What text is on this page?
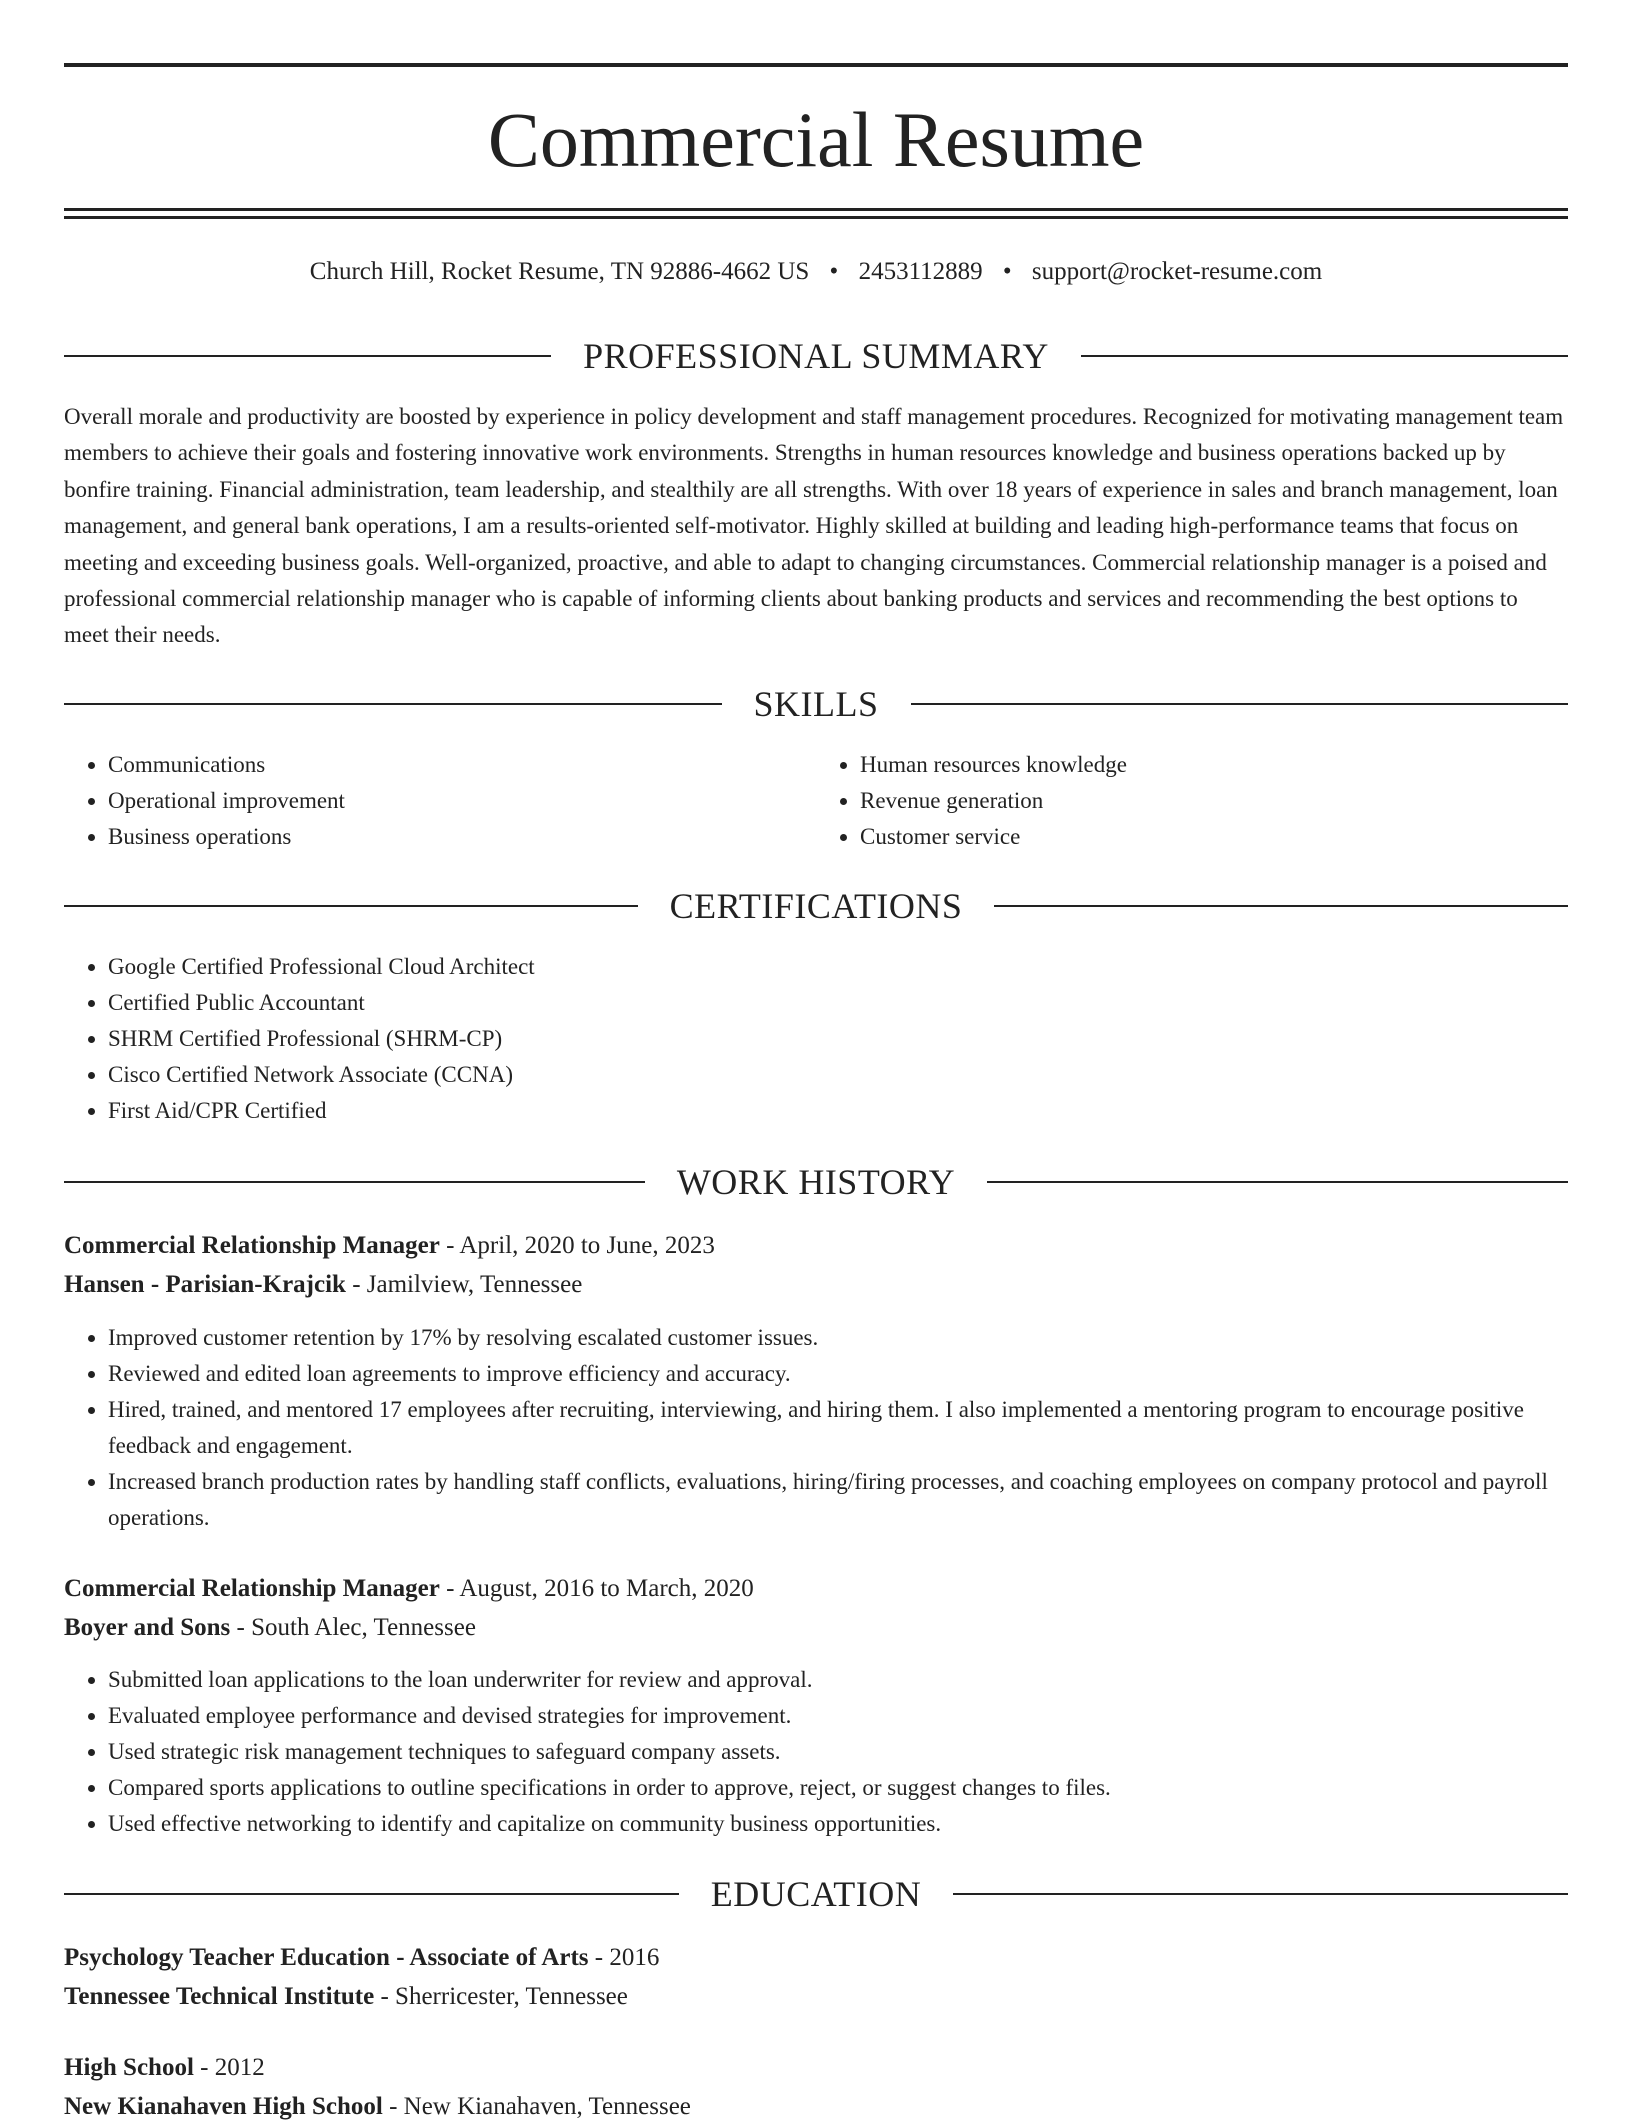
Commercial Resume
Church Hill, Rocket Resume, TN 92886-4662 US • 2453112889 • support@rocket-resume.com
PROFESSIONAL SUMMARY

Overall morale and productivity are boosted by experience in policy development and staff management procedures. Recognized for motivating management team members to achieve their goals and fostering innovative work environments. Strengths in human resources knowledge and business operations backed up by bonfire training. Financial administration, team leadership, and stealthily are all strengths. With over 18 years of experience in sales and branch management, loan management, and general bank operations, I am a results-oriented self-motivator. Highly skilled at building and leading high-performance teams that focus on meeting and exceeding business goals. Well-organized, proactive, and able to adapt to changing circumstances. Commercial relationship manager is a poised and professional commercial relationship manager who is capable of informing clients about banking products and services and recommending the best options to meet their needs.

SKILLS
• Communications
• Operational improvement
• Business operations
• Human resources knowledge
• Revenue generation
• Customer service
CERTIFICATIONS
• Google Certified Professional Cloud Architect
• Certified Public Accountant
• SHRM Certified Professional (SHRM-CP)
• Cisco Certified Network Associate (CCNA)
• First Aid/CPR Certified
WORK HISTORY

Commercial Relationship Manager - April, 2020 to June, 2023

Hansen - Parisian-Krajcik - Jamilview, Tennessee

• Improved customer retention by 17% by resolving escalated customer issues.
• Reviewed and edited loan agreements to improve efficiency and accuracy.
• Hired, trained, and mentored 17 employees after recruiting, interviewing, and hiring them. I also implemented a mentoring program to encourage positive feedback and engagement.
• Increased branch production rates by handling staff conflicts, evaluations, hiring/firing processes, and coaching employees on company protocol and payroll operations.

Commercial Relationship Manager - August, 2016 to March, 2020

Boyer and Sons - South Alec, Tennessee

• Submitted loan applications to the loan underwriter for review and approval.
• Evaluated employee performance and devised strategies for improvement.
• Used strategic risk management techniques to safeguard company assets.
• Compared sports applications to outline specifications in order to approve, reject, or suggest changes to files.
• Used effective networking to identify and capitalize on community business opportunities.
EDUCATION

Psychology Teacher Education - Associate of Arts - 2016

Tennessee Technical Institute - Sherricester, Tennessee

High School - 2012

New Kianahaven High School - New Kianahaven, Tennessee
